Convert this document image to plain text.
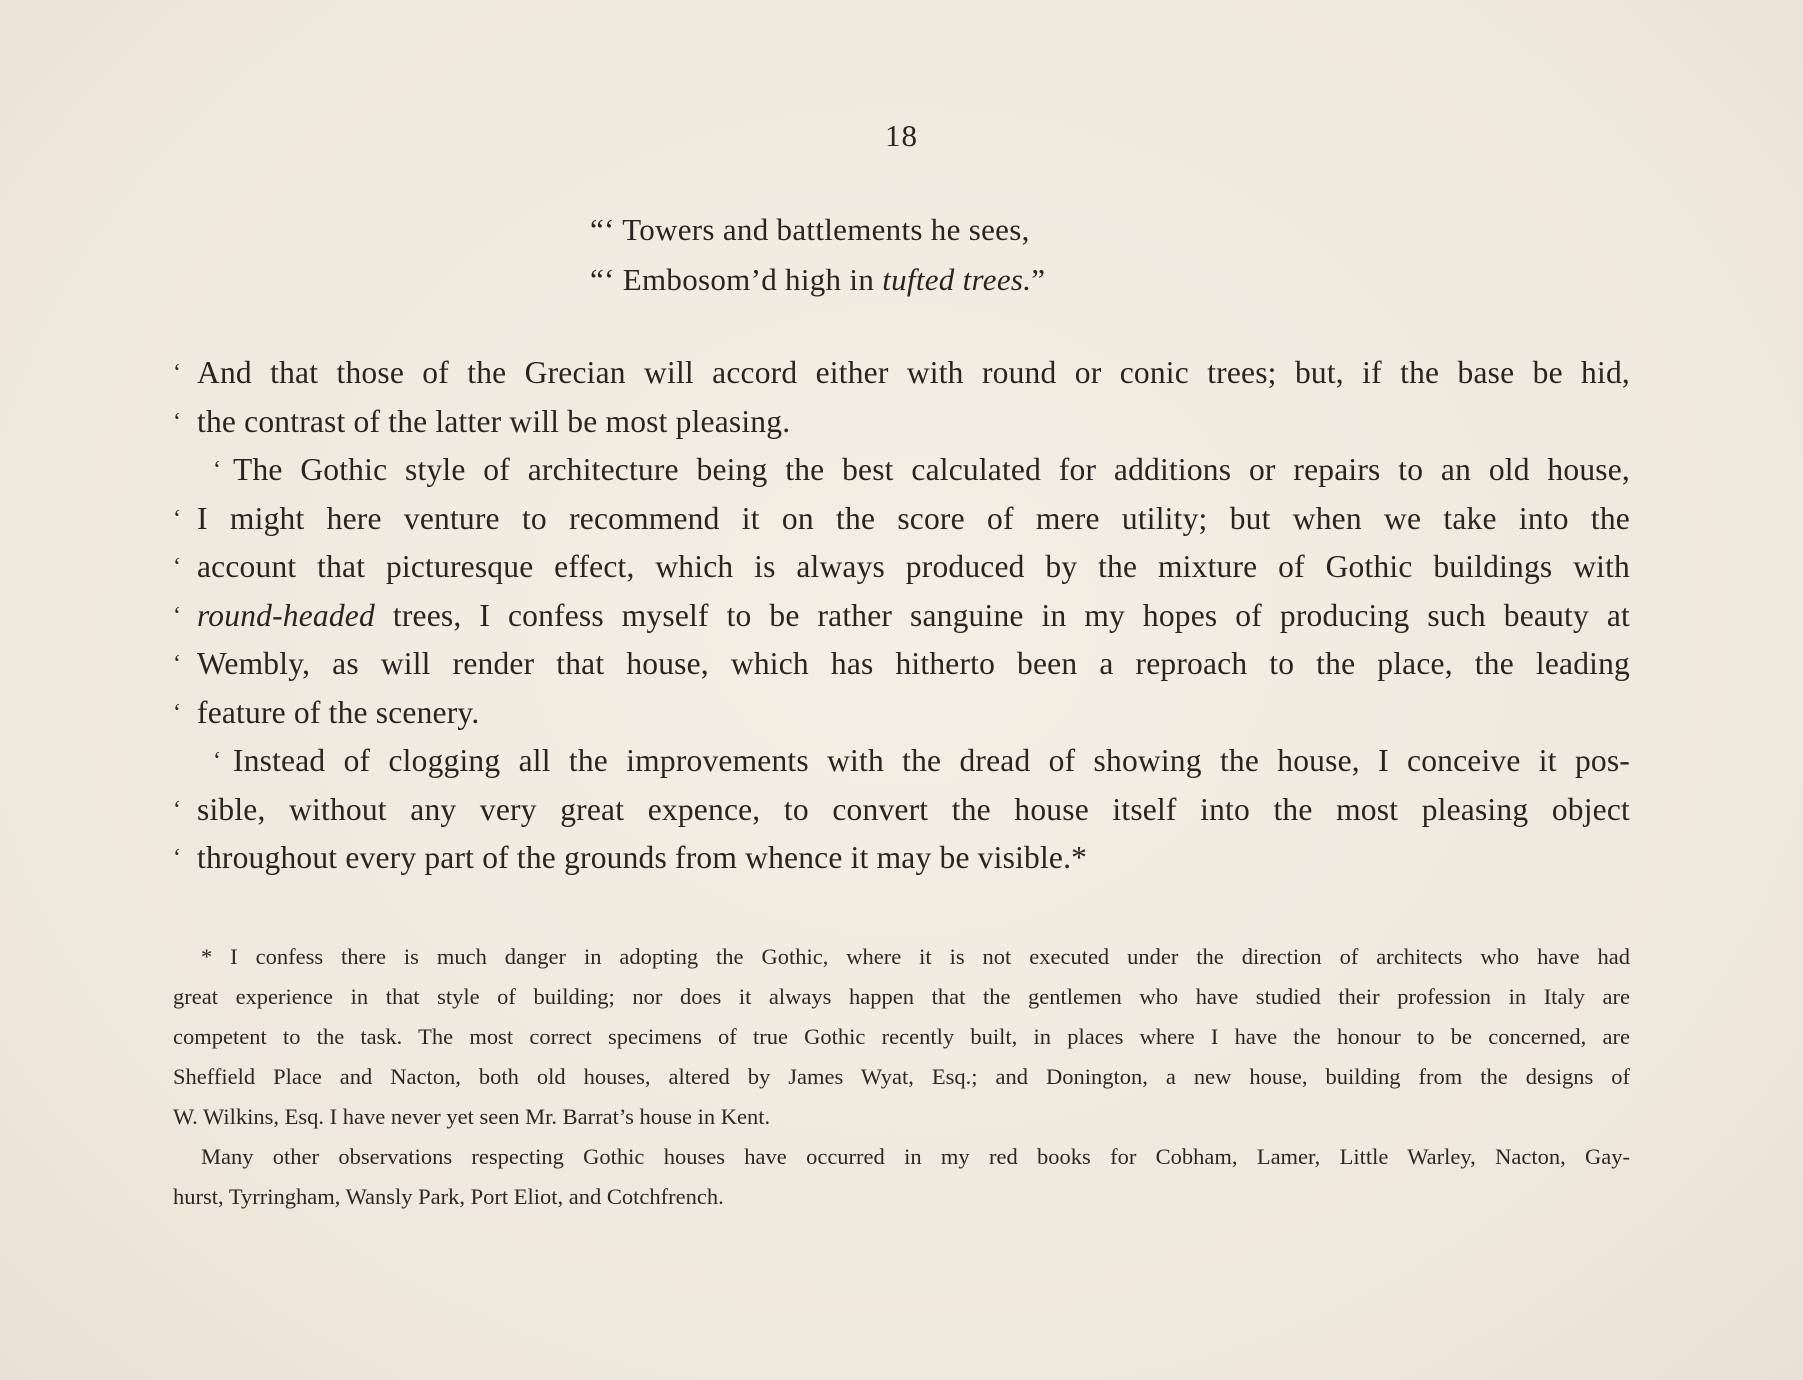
18
“‘ Towers and battlements he sees,
“‘ Embosom’d high in tufted trees.”
‘ And that those of the Grecian will accord either with round or conic trees; but, if the base be hid,
‘ the contrast of the latter will be most pleasing.
‘ The Gothic style of architecture being the best calculated for additions or repairs to an old house,
‘ I might here venture to recommend it on the score of mere utility; but when we take into the
‘ account that picturesque effect, which is always produced by the mixture of Gothic buildings with
‘ round-headed trees, I confess myself to be rather sanguine in my hopes of producing such beauty at
‘ Wembly, as will render that house, which has hitherto been a reproach to the place, the leading
‘ feature of the scenery.
‘ Instead of clogging all the improvements with the dread of showing the house, I conceive it pos-
‘ sible, without any very great expence, to convert the house itself into the most pleasing object
‘ throughout every part of the grounds from whence it may be visible.*
* I confess there is much danger in adopting the Gothic, where it is not executed under the direction of architects who have had
great experience in that style of building; nor does it always happen that the gentlemen who have studied their profession in Italy are
competent to the task. The most correct specimens of true Gothic recently built, in places where I have the honour to be concerned, are
Sheffield Place and Nacton, both old houses, altered by James Wyat, Esq.; and Donington, a new house, building from the designs of
W. Wilkins, Esq. I have never yet seen Mr. Barrat’s house in Kent.
Many other observations respecting Gothic houses have occurred in my red books for Cobham, Lamer, Little Warley, Nacton, Gay-
hurst, Tyrringham, Wansly Park, Port Eliot, and Cotchfrench.
